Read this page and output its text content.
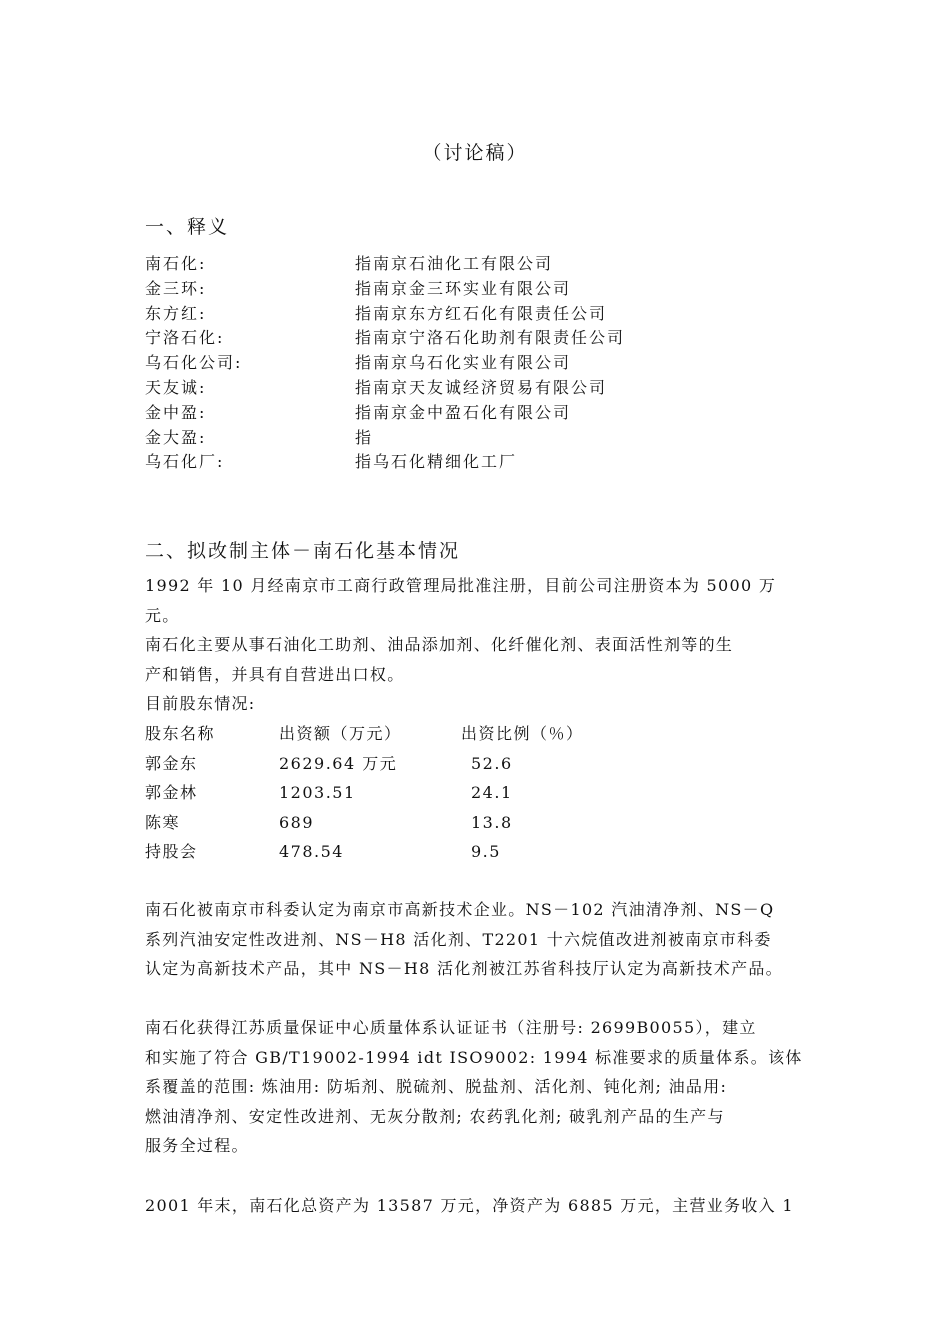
（讨论稿）
一、释义
南石化:	指南京石油化工有限公司
金三环:	指南京金三环实业有限公司
东方红:	指南京东方红石化有限责任公司
宁洛石化:	指南京宁洛石化助剂有限责任公司
乌石化公司:	指南京乌石化实业有限公司
天友诚:	指南京天友诚经济贸易有限公司
金中盈:	指南京金中盈石化有限公司
金大盈:	指
乌石化厂:	指乌石化精细化工厂
二、拟改制主体－南石化基本情况

1992 年 10 月经南京市工商行政管理局批准注册，目前公司注册资本为 5000 万

元。

南石化主要从事石油化工助剂、油品添加剂、化纤催化剂、表面活性剂等的生

产和销售，并具有自营进出口权。

目前股东情况:

股东名称	出资额（万元）	出资比例（％）
郭金东	2629.64 万元	52.6
郭金林	1203.51	24.1
陈寒	689	13.8
持股会	478.54	9.5

南石化被南京市科委认定为南京市高新技术企业。NS－102 汽油清净剂、NS－Q

系列汽油安定性改进剂、NS－H8 活化剂、T2201 十六烷值改进剂被南京市科委

认定为高新技术产品，其中 NS－H8 活化剂被江苏省科技厅认定为高新技术产品。

南石化获得江苏质量保证中心质量体系认证证书（注册号: 2699B0055），建立

和实施了符合 GB/T19002-1994 idt ISO9002: 1994 标准要求的质量体系。该体

系覆盖的范围: 炼油用: 防垢剂、脱硫剂、脱盐剂、活化剂、钝化剂; 油品用:

燃油清净剂、安定性改进剂、无灰分散剂; 农药乳化剂; 破乳剂产品的生产与

服务全过程。

2001 年末，南石化总资产为 13587 万元，净资产为 6885 万元，主营业务收入 1
